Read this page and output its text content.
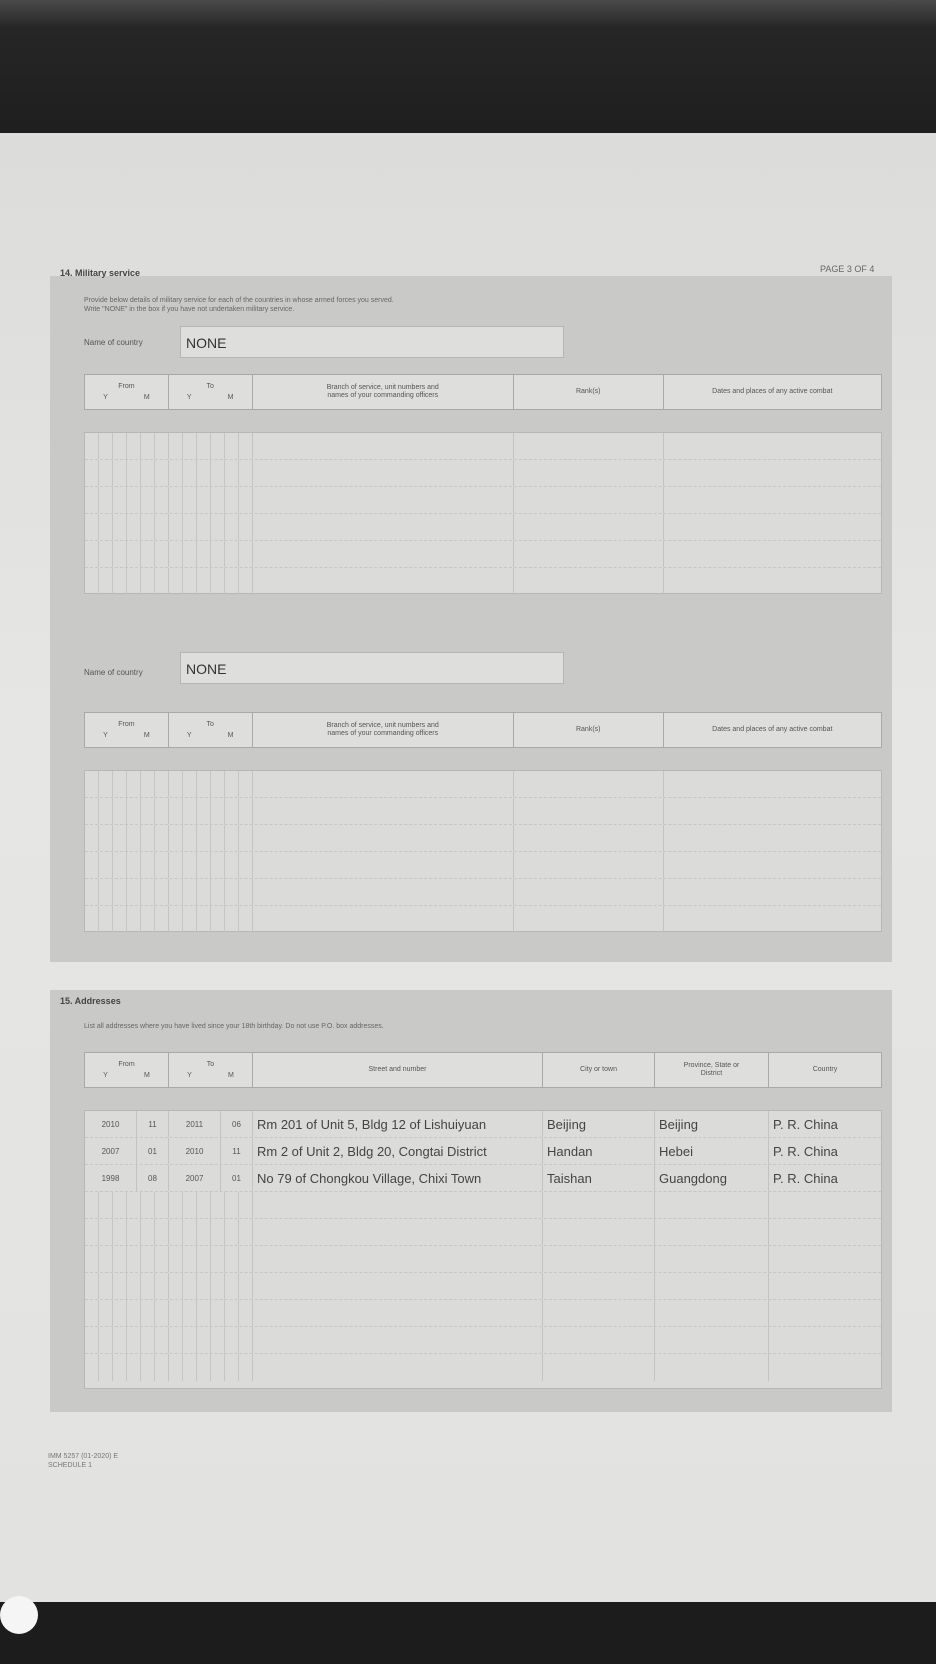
PAGE 3 OF 4
14. Military service
Provide below details of military service for each of the countries in whose armed forces you served.
Write "NONE" in the box if you have not undertaken military service.
Name of country	NONE
From
Y	M
To
Y	M
Branch of service, unit numbers and
names of your commanding officers
Rank(s)	Dates and places of any active combat
Name of country	NONE
From
Y	M
To
Y	M
Branch of service, unit numbers and
names of your commanding officers
Rank(s)	Dates and places of any active combat
15. Addresses
List all addresses where you have lived since your 18th birthday. Do not use P.O. box addresses.
From
Y	M
To
Y	M
Street and number	City or town
Province, State or
District
Country
2010	11	2011	06	Rm 201 of Unit 5, Bldg 12 of Lishuiyuan	Beijing	Beijing	P. R. China
2007	01	2010	11	Rm 2 of Unit 2, Bldg 20, Congtai District	Handan	Hebei	P. R. China
1998	08	2007	01	No 79 of Chongkou Village, Chixi Town	Taishan	Guangdong	P. R. China
IMM 5257 (01-2020) E
SCHEDULE 1
